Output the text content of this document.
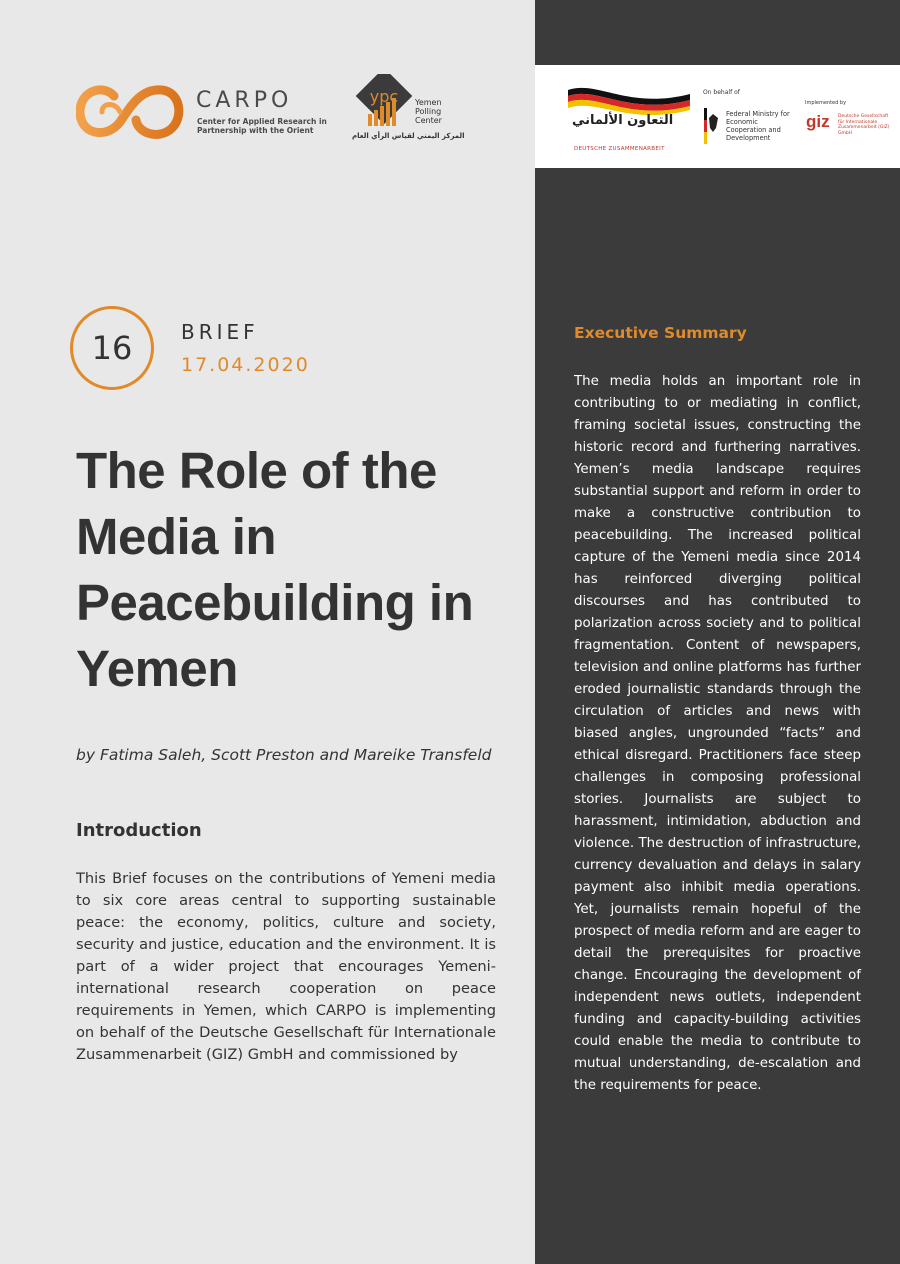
CARPO
Center for Applied Research in Partnership with the Orient
ypc Yemen Polling Center
المركز اليمني لقياس الرأي العام
التعاون الألماني
DEUTSCHE ZUSAMMENARBEIT
On behalf of
Federal Ministry for Economic Cooperation and Development
Implemented by
giz Deutsche Gesellschaft für Internationale Zusammenarbeit (GIZ) GmbH
16	BRIEF
17.04.2020
The Role of the Media in Peacebuilding in Yemen
by Fatima Saleh, Scott Preston and Mareike Transfeld
Introduction

This Brief focuses on the contributions of Yemeni media to six core areas central to supporting sustainable peace: the economy, politics, culture and society, security and justice, education and the environment. It is part of a wider project that encourages Yemeni-international research cooperation on peace requirements in Yemen, which CARPO is implementing on behalf of the Deutsche Gesellschaft für Internationale Zusammenarbeit (GIZ) GmbH and commissioned by

Executive Summary

The media holds an important role in contributing to or mediating in conflict, framing societal issues, constructing the historic record and furthering narratives. Yemen’s media landscape requires substantial support and reform in order to make a constructive contribution to peacebuilding. The increased political capture of the Yemeni media since 2014 has reinforced diverging political discourses and has contributed to polarization across society and to political fragmentation. Content of newspapers, television and online platforms has further eroded journalistic standards through the circulation of articles and news with biased angles, ungrounded “facts” and ethical disregard. Practitioners face steep challenges in composing professional stories. Journalists are subject to harassment, intimidation, abduction and violence. The destruction of infrastructure, currency devaluation and delays in salary payment also inhibit media operations. Yet, journalists remain hopeful of the prospect of media reform and are eager to detail the prerequisites for proactive change. Encouraging the development of independent news outlets, independent funding and capacity-building activities could enable the media to contribute to mutual understanding, de-escalation and the requirements for peace.
